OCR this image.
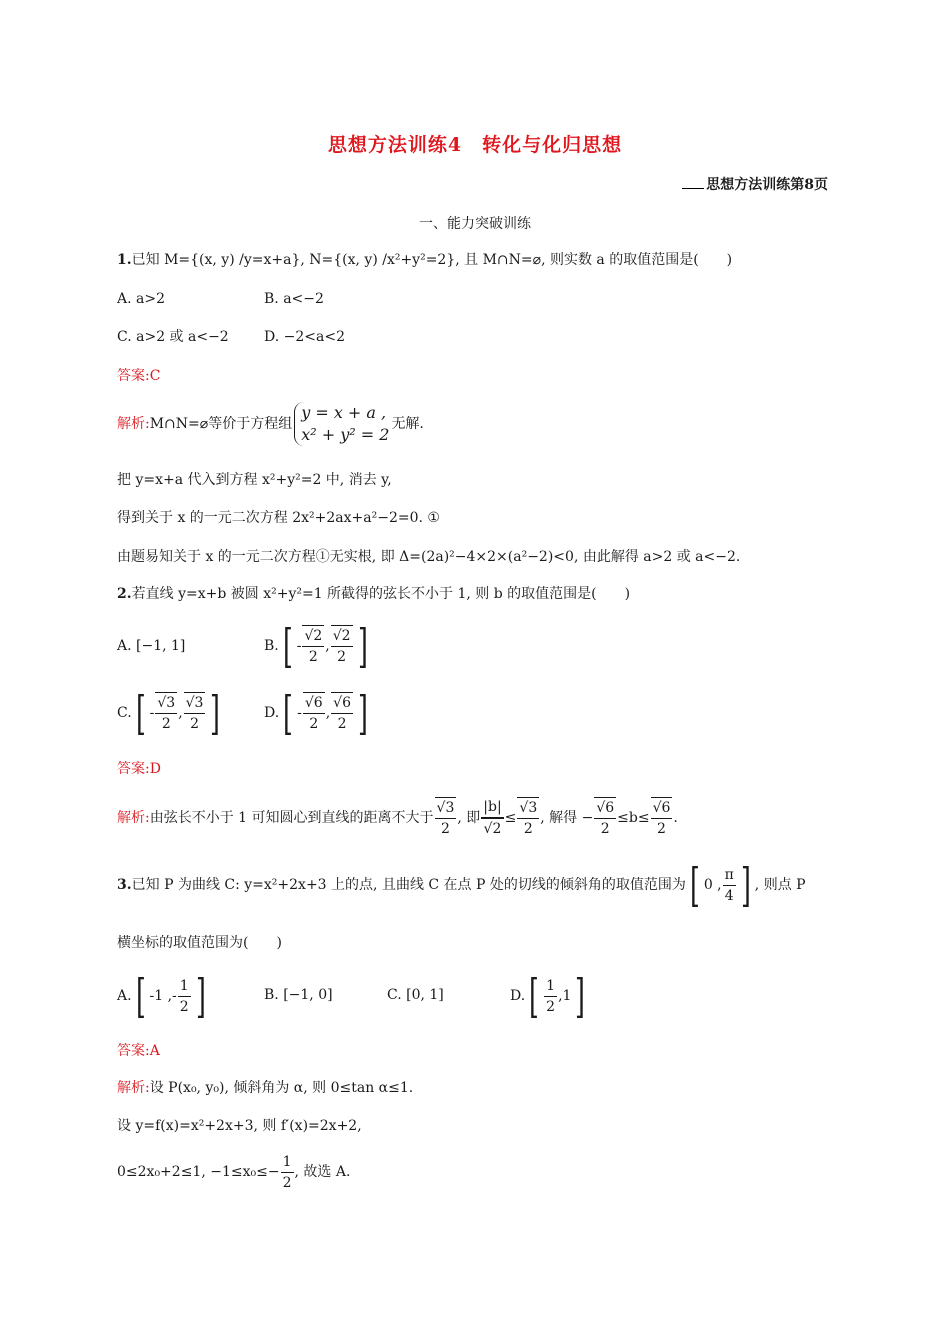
思想方法训练4　转化与化归思想
思想方法训练第8页
一、能力突破训练
1.已知 M={(x, y) /y=x+a}, N={(x, y) /x²+y²=2}, 且 M∩N=⌀, 则实数 a 的取值范围是(　　)
A. a>2	B. a<−2
C. a>2 或 a<−2	D. −2<a<2
答案:C
解析:M∩N=⌀等价于方程组
y = x + a ,
x² + y² = 2
无解.
把 y=x+a 代入到方程 x²+y²=2 中, 消去 y,
得到关于 x 的一元二次方程 2x²+2ax+a²−2=0. ①
由题易知关于 x 的一元二次方程①无实根, 即 Δ=(2a)²−4×2×(a²−2)<0, 由此解得 a>2 或 a<−2.
2.若直线 y=x+b 被圆 x²+y²=1 所截得的弦长不小于 1, 则 b 的取值范围是(　　)
A. [−1, 1]	$B.[ - \frac{√2}{2}$ , $\frac{√2}{2}$ ]
$C.[ - \frac{√3}{2}$ , $\frac{√3}{2}$ ]	$D.[ - \frac{√6}{2}$ , $\frac{√6}{2}$ ]
答案:D
解析:由弦长不小于 1 可知圆心到直线的距离不大于 $\frac{√3}{2}$ , 即 $\frac{|b|}{√2} \le \frac{√3}{2}$ , 解得 − $\frac{√6}{2} \le b\le \frac{√6}{2}$ .
3.已知 P 为曲线 C: y=x²+2x+3 上的点, 且曲线 C 在点 P 处的切线的倾斜角的取值范围为[ 0 , $\frac{\pi}{4}$ ] , 则点 P
横坐标的取值范围为(　　)
A.[ -1 ,- $\frac{1}{2}$ ]	B. [−1, 0]	C. [0, 1]	$D.[ \frac{1}{2} ,1]$
答案:A
解析:设 P(x₀, y₀), 倾斜角为 α, 则 0≤tan α≤1.
设 y=f(x)=x²+2x+3, 则 f′(x)=2x+2,
0≤2x₀+2≤1, $-1\le x_0\le- \frac{1}{2}$ , 故选 A.
